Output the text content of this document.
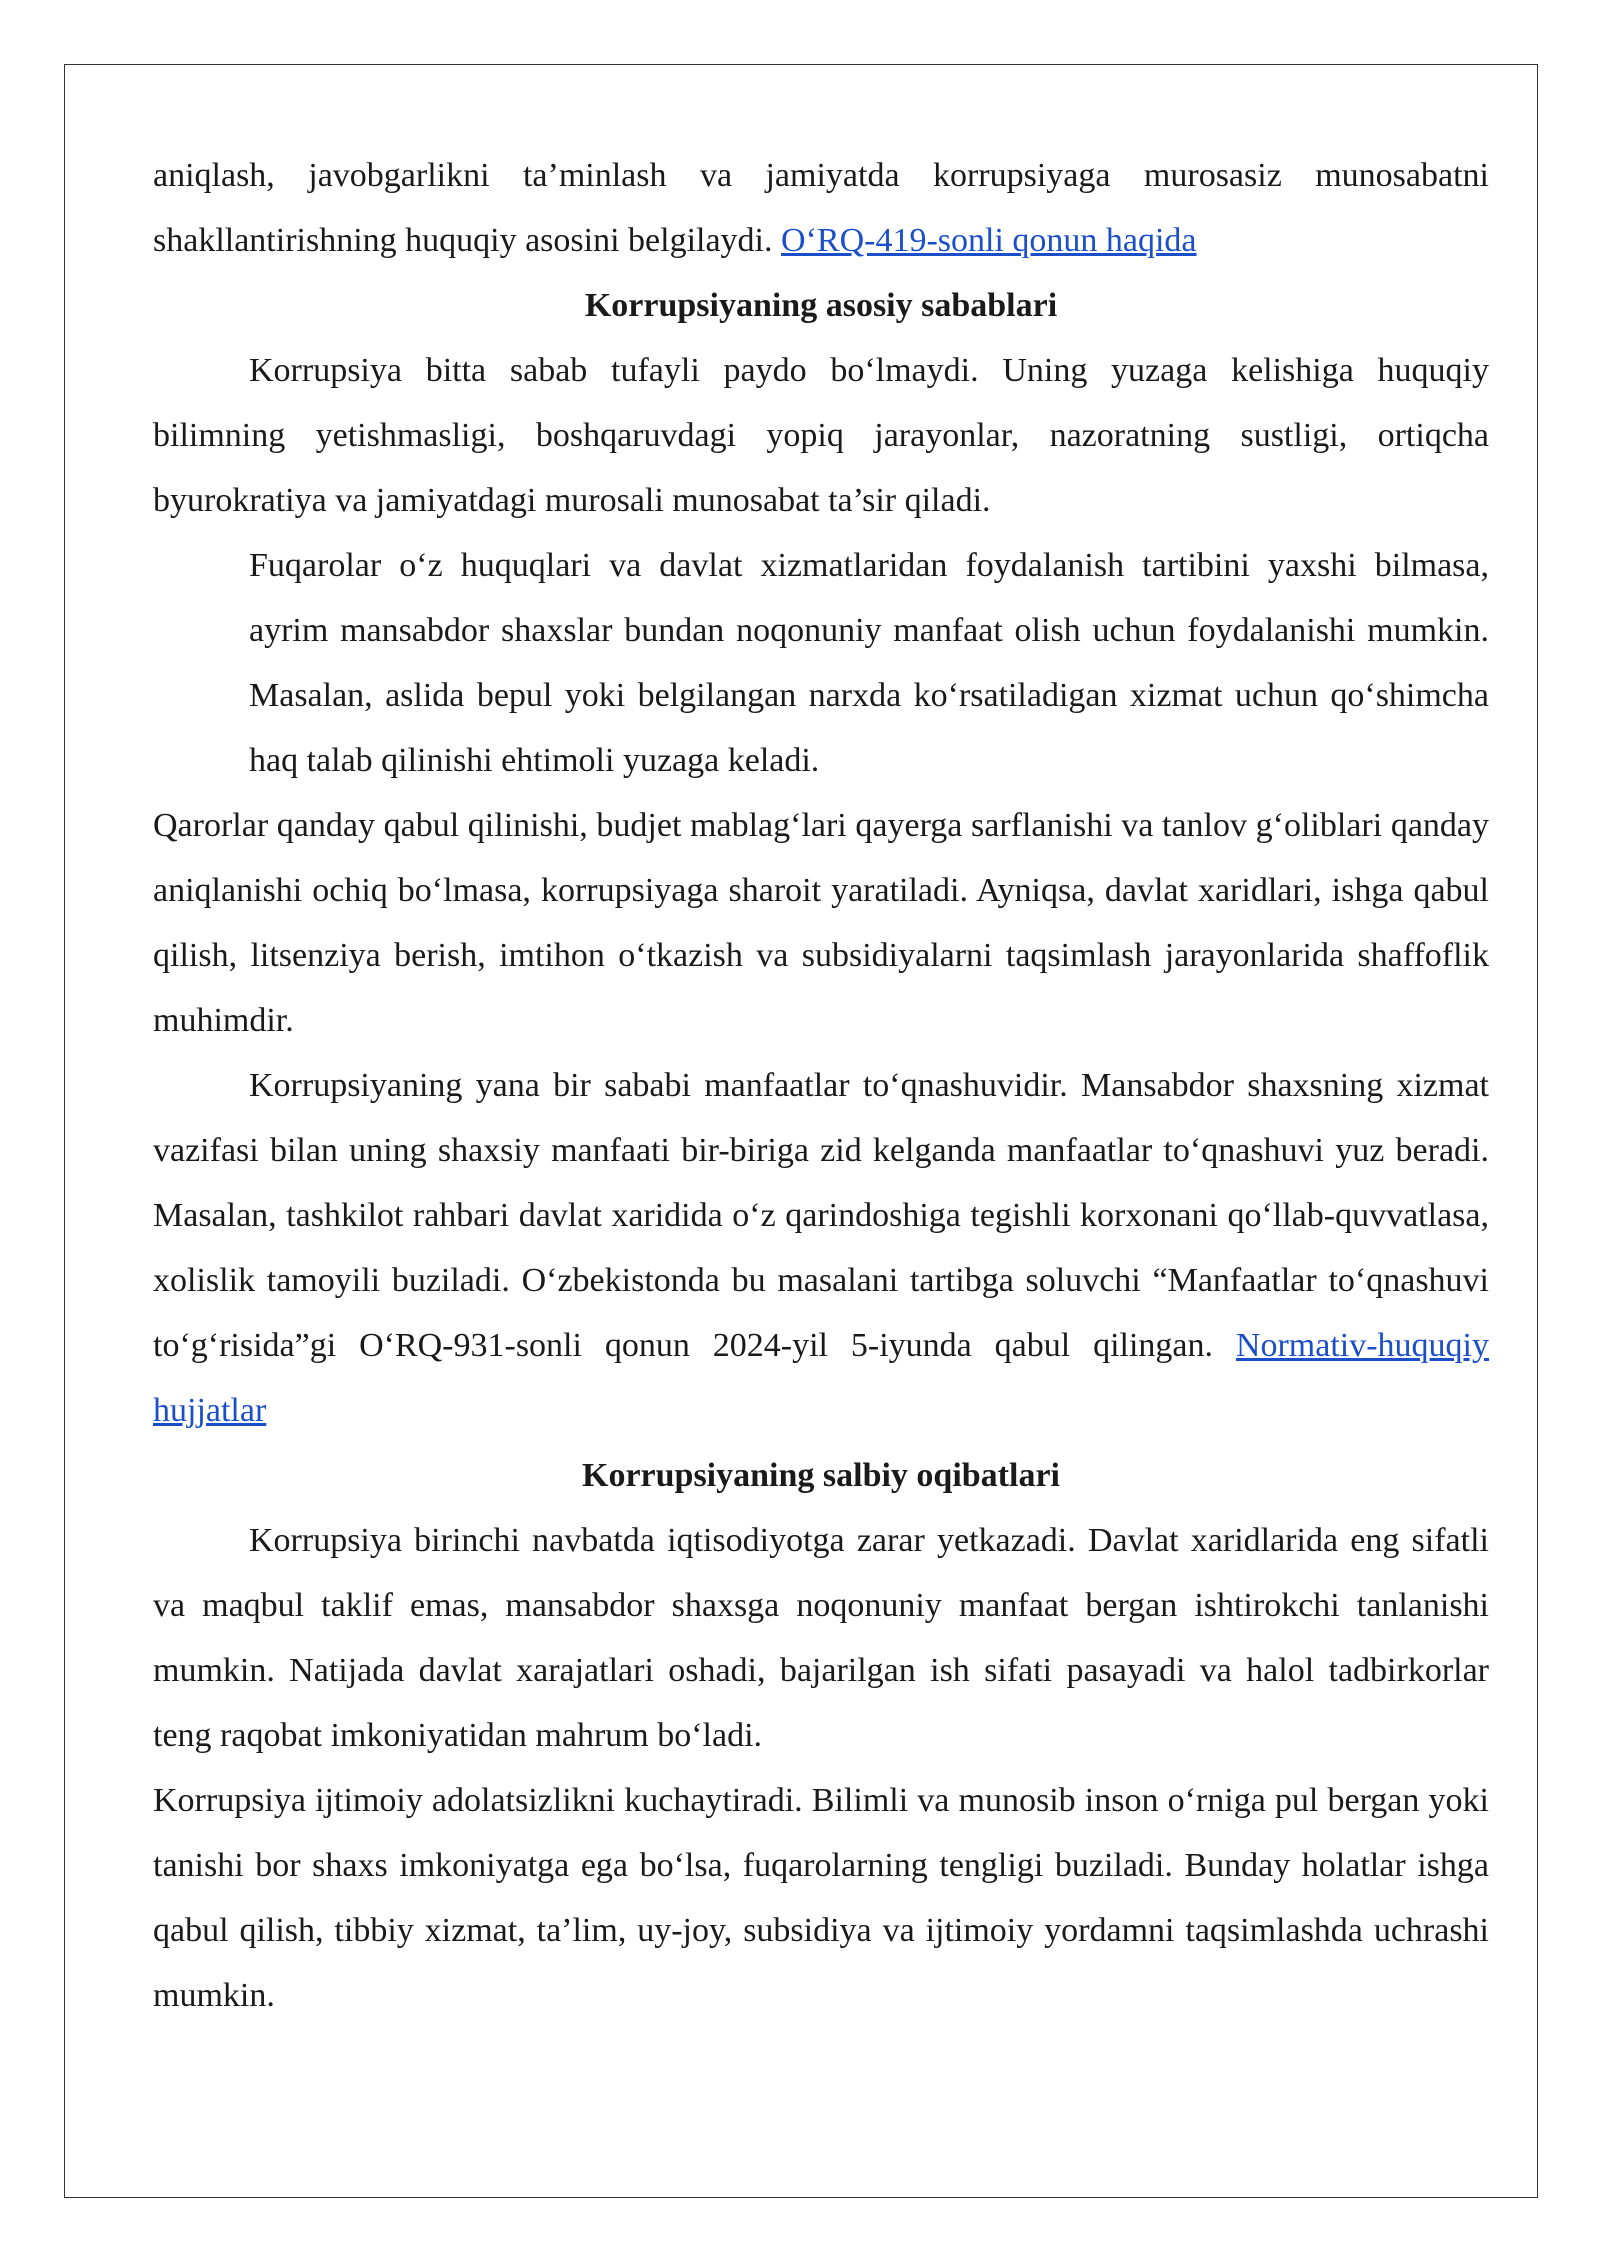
aniqlash, javobgarlikni ta’minlash va jamiyatda korrupsiyaga murosasiz munosabatni shakllantirishning huquqiy asosini belgilaydi. O‘RQ-419-sonli qonun haqida

Korrupsiyaning asosiy sabablari

Korrupsiya bitta sabab tufayli paydo bo‘lmaydi. Uning yuzaga kelishiga huquqiy bilimning yetishmasligi, boshqaruvdagi yopiq jarayonlar, nazoratning sustligi, ortiqcha byurokratiya va jamiyatdagi murosali munosabat ta’sir qiladi.

Fuqarolar o‘z huquqlari va davlat xizmatlaridan foydalanish tartibini yaxshi bilmasa, ayrim mansabdor shaxslar bundan noqonuniy manfaat olish uchun foydalanishi mumkin. Masalan, aslida bepul yoki belgilangan narxda ko‘rsatiladigan xizmat uchun qo‘shimcha haq talab qilinishi ehtimoli yuzaga keladi.

Qarorlar qanday qabul qilinishi, budjet mablag‘lari qayerga sarflanishi va tanlov g‘oliblari qanday aniqlanishi ochiq bo‘lmasa, korrupsiyaga sharoit yaratiladi. Ayniqsa, davlat xaridlari, ishga qabul qilish, litsenziya berish, imtihon o‘tkazish va subsidiyalarni taqsimlash jarayonlarida shaffoflik muhimdir.

Korrupsiyaning yana bir sababi manfaatlar to‘qnashuvidir. Mansabdor shaxsning xizmat vazifasi bilan uning shaxsiy manfaati bir-biriga zid kelganda manfaatlar to‘qnashuvi yuz beradi. Masalan, tashkilot rahbari davlat xaridida o‘z qarindoshiga tegishli korxonani qo‘llab-quvvatlasa, xolislik tamoyili buziladi. O‘zbekistonda bu masalani tartibga soluvchi “Manfaatlar to‘qnashuvi to‘g‘risida”gi O‘RQ-931-sonli qonun 2024-yil 5-iyunda qabul qilingan. Normativ-huquqiy hujjatlar

Korrupsiyaning salbiy oqibatlari

Korrupsiya birinchi navbatda iqtisodiyotga zarar yetkazadi. Davlat xaridlarida eng sifatli va maqbul taklif emas, mansabdor shaxsga noqonuniy manfaat bergan ishtirokchi tanlanishi mumkin. Natijada davlat xarajatlari oshadi, bajarilgan ish sifati pasayadi va halol tadbirkorlar teng raqobat imkoniyatidan mahrum bo‘ladi.

Korrupsiya ijtimoiy adolatsizlikni kuchaytiradi. Bilimli va munosib inson o‘rniga pul bergan yoki tanishi bor shaxs imkoniyatga ega bo‘lsa, fuqarolarning tengligi buziladi. Bunday holatlar ishga qabul qilish, tibbiy xizmat, ta’lim, uy-joy, subsidiya va ijtimoiy yordamni taqsimlashda uchrashi mumkin.
